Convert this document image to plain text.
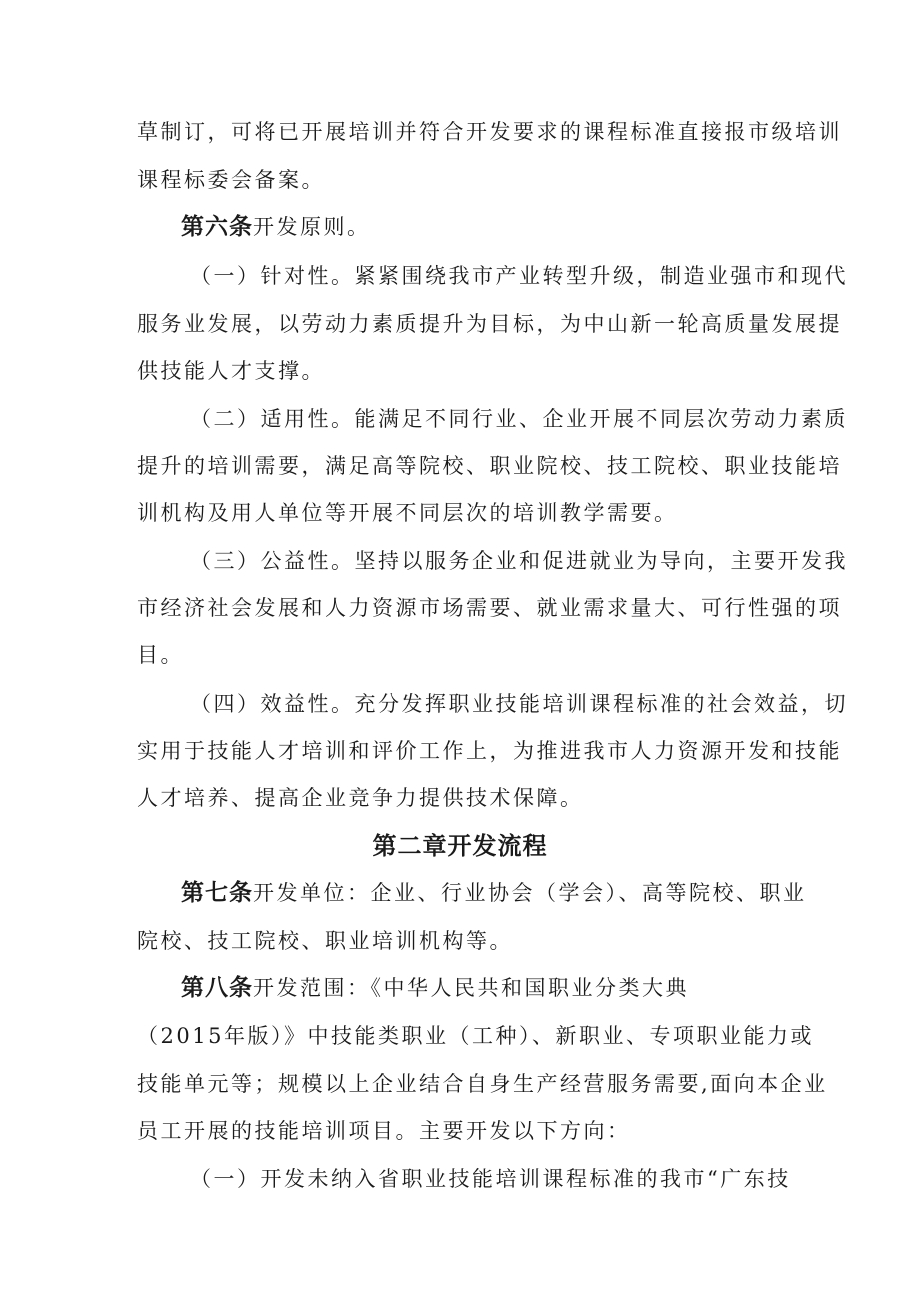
草制订，可将已开展培训并符合开发要求的课程标准直接报市级培训
课程标委会备案。
第六条开发原则。
（一）针对性。紧紧围绕我市产业转型升级，制造业强市和现代
服务业发展，以劳动力素质提升为目标，为中山新一轮高质量发展提
供技能人才支撑。
（二）适用性。能满足不同行业、企业开展不同层次劳动力素质
提升的培训需要，满足高等院校、职业院校、技工院校、职业技能培
训机构及用人单位等开展不同层次的培训教学需要。
（三）公益性。坚持以服务企业和促进就业为导向，主要开发我
市经济社会发展和人力资源市场需要、就业需求量大、可行性强的项
目。
（四）效益性。充分发挥职业技能培训课程标准的社会效益，切
实用于技能人才培训和评价工作上，为推进我市人力资源开发和技能
人才培养、提高企业竞争力提供技术保障。
第二章开发流程
第七条开发单位：企业、行业协会（学会）、高等院校、职业
院校、技工院校、职业培训机构等。
第八条开发范围：《中华人民共和国职业分类大典
（2015年版）》中技能类职业（工种）、新职业、专项职业能力或
技能单元等；规模以上企业结合自身生产经营服务需要,面向本企业
员工开展的技能培训项目。主要开发以下方向：
（一）开发未纳入省职业技能培训课程标准的我市“广东技
